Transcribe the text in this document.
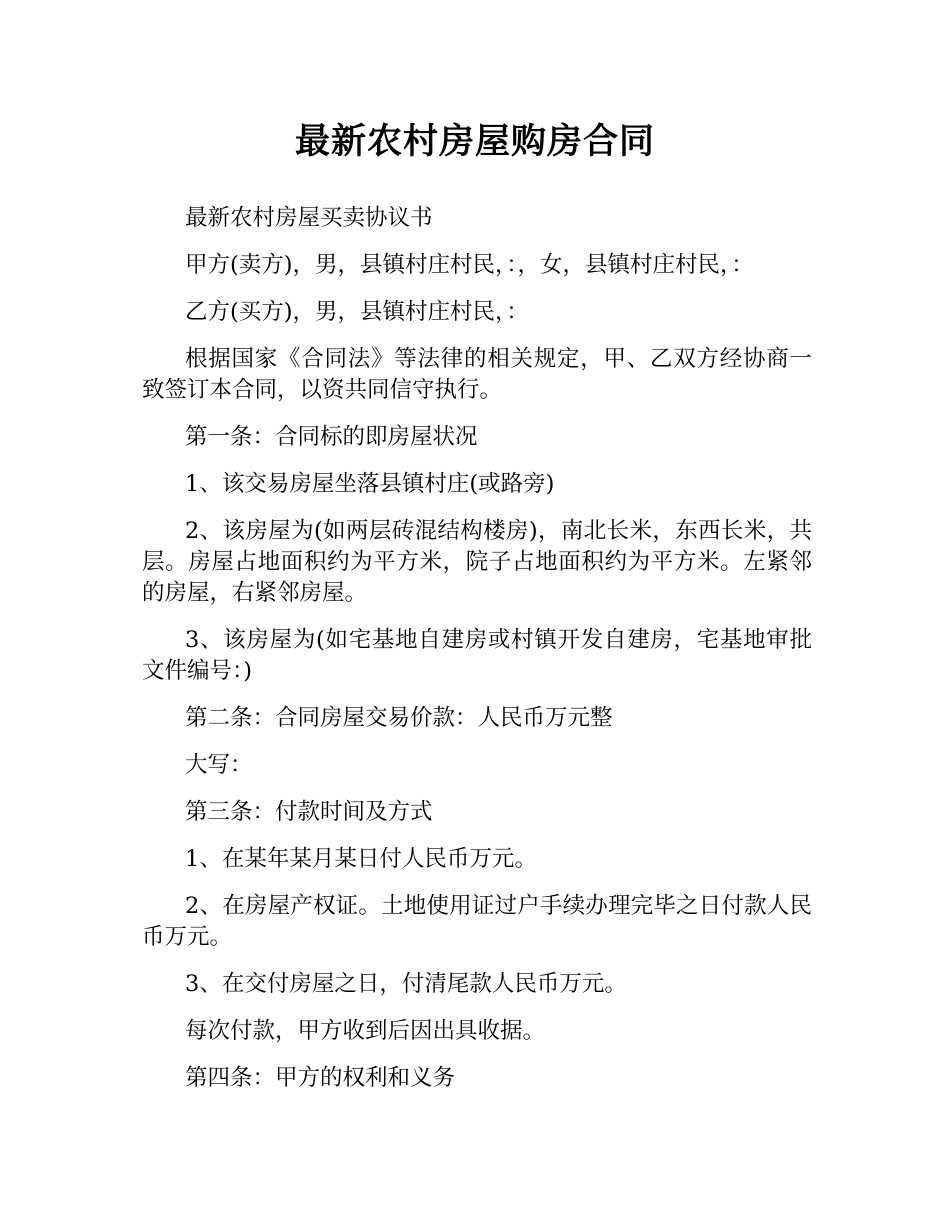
最新农村房屋购房合同

最新农村房屋买卖协议书

甲方(卖方)，男，县镇村庄村民，：，女，县镇村庄村民，：

乙方(买方)，男，县镇村庄村民，：

根据国家《合同法》等法律的相关规定，甲、乙双方经协商一致签订本合同，以资共同信守执行。

第一条：合同标的即房屋状况

1、该交易房屋坐落县镇村庄(或路旁)

2、该房屋为(如两层砖混结构楼房)，南北长米，东西长米，共层。房屋占地面积约为平方米，院子占地面积约为平方米。左紧邻的房屋，右紧邻房屋。

3、该房屋为(如宅基地自建房或村镇开发自建房，宅基地审批文件编号：)

第二条：合同房屋交易价款：人民币万元整

大写：

第三条：付款时间及方式

1、在某年某月某日付人民币万元。

2、在房屋产权证。土地使用证过户手续办理完毕之日付款人民币万元。

3、在交付房屋之日，付清尾款人民币万元。

每次付款，甲方收到后因出具收据。

第四条：甲方的权利和义务
